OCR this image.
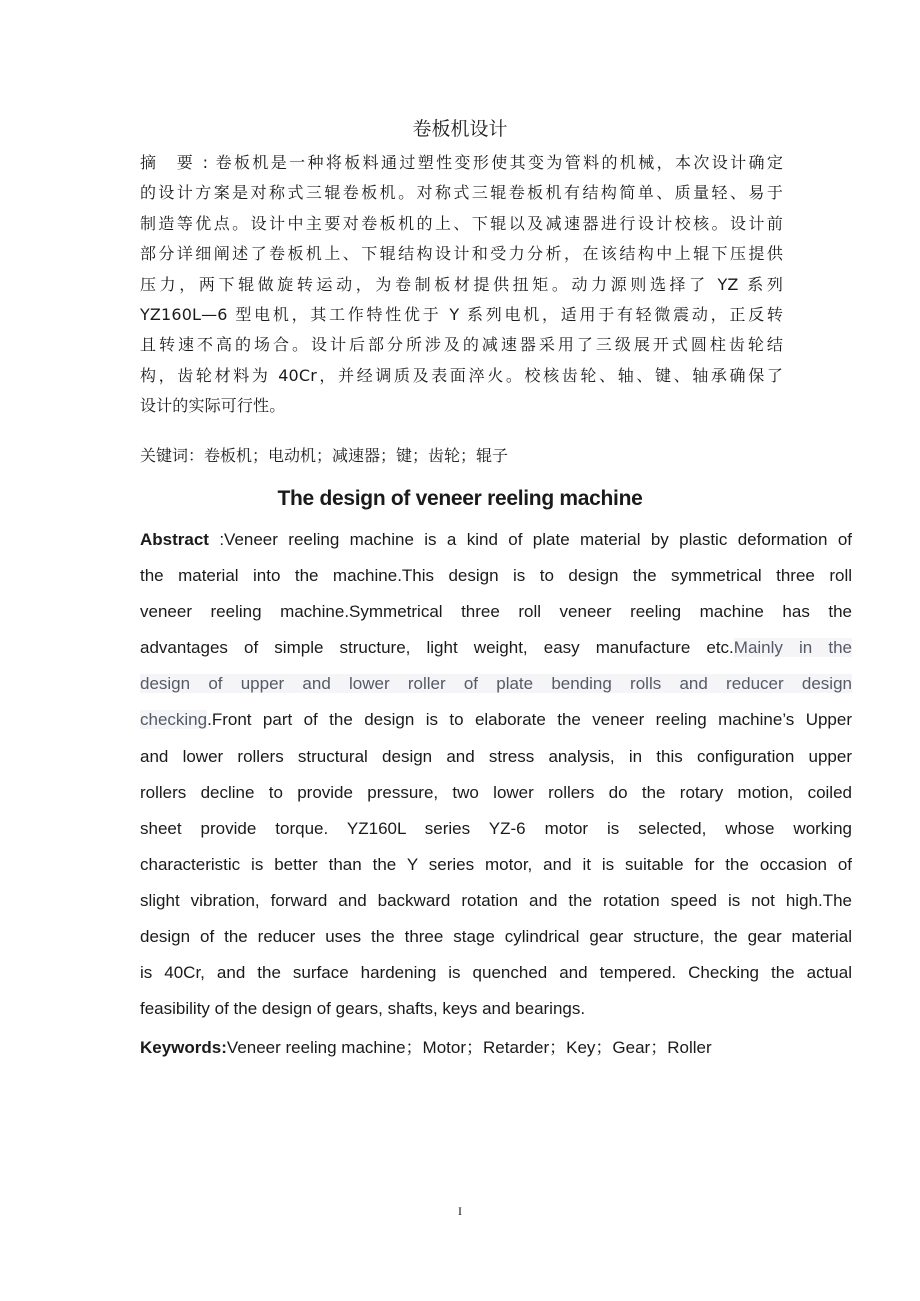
卷板机设计
摘　要 : 卷板机是一种将板料通过塑性变形使其变为管料的机械，本次设计确定
的设计方案是对称式三辊卷板机。对称式三辊卷板机有结构简单、质量轻、易于
制造等优点。设计中主要对卷板机的上、下辊以及减速器进行设计校核。设计前
部分详细阐述了卷板机上、下辊结构设计和受力分析，在该结构中上辊下压提供
压力，两下辊做旋转运动，为卷制板材提供扭矩。动力源则选择了 YZ 系列
YZ160L—6 型电机，其工作特性优于 Y 系列电机，适用于有轻微震动，正反转
且转速不高的场合。设计后部分所涉及的减速器采用了三级展开式圆柱齿轮结
构，齿轮材料为 40Cr，并经调质及表面淬火。校核齿轮、轴、键、轴承确保了
设计的实际可行性。
关键词：卷板机；电动机；减速器；键；齿轮；辊子
The design of veneer reeling machine
Abstract :Veneer reeling machine is a kind of plate material by plastic deformation of
the material into the machine.This design is to design the symmetrical three roll
veneer reeling machine.Symmetrical three roll veneer reeling machine has the
advantages of simple structure, light weight, easy manufacture etc.Mainly in the
design of upper and lower roller of plate bending rolls and reducer design
checking.Front part of the design is to elaborate the veneer reeling machine’s Upper
and lower rollers structural design and stress analysis, in this configuration upper
rollers decline to provide pressure, two lower rollers do the rotary motion, coiled
sheet provide torque. YZ160L series YZ-6 motor is selected, whose working
characteristic is better than the Y series motor, and it is suitable for the occasion of
slight vibration, forward and backward rotation and the rotation speed is not high.The
design of the reducer uses the three stage cylindrical gear structure, the gear material
is 40Cr, and the surface hardening is quenched and tempered. Checking the actual
feasibility of the design of gears, shafts, keys and bearings.
Keywords:Veneer reeling machine；Motor；Retarder；Key；Gear；Roller
I
